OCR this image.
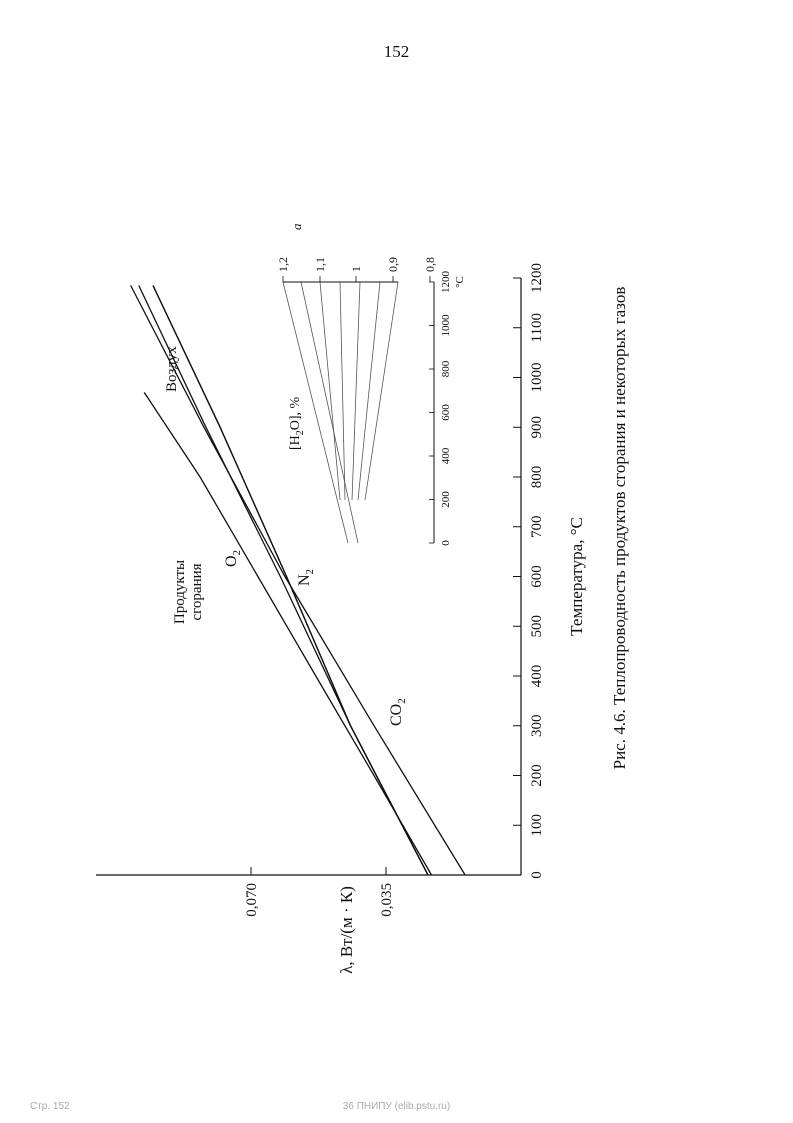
152
0
100
200
300
400
500
600
700
800
900
1000
1100
1200
0,035
0,070
Продукты сгорания
$O_2$
$N_2$
Воздух
$CO_2$
Температура, °С
λ, Вт/(м · К)
0
200
400
600
800
1000
1200 °С
1,2 1,1 1 0,9 0,8
a
$[H_2O]$, %	Рис. 4.6. Теплопроводность продуктов сгорания и некоторых газов
Стр. 152	36 ПНИПУ (elib.pstu.ru)
